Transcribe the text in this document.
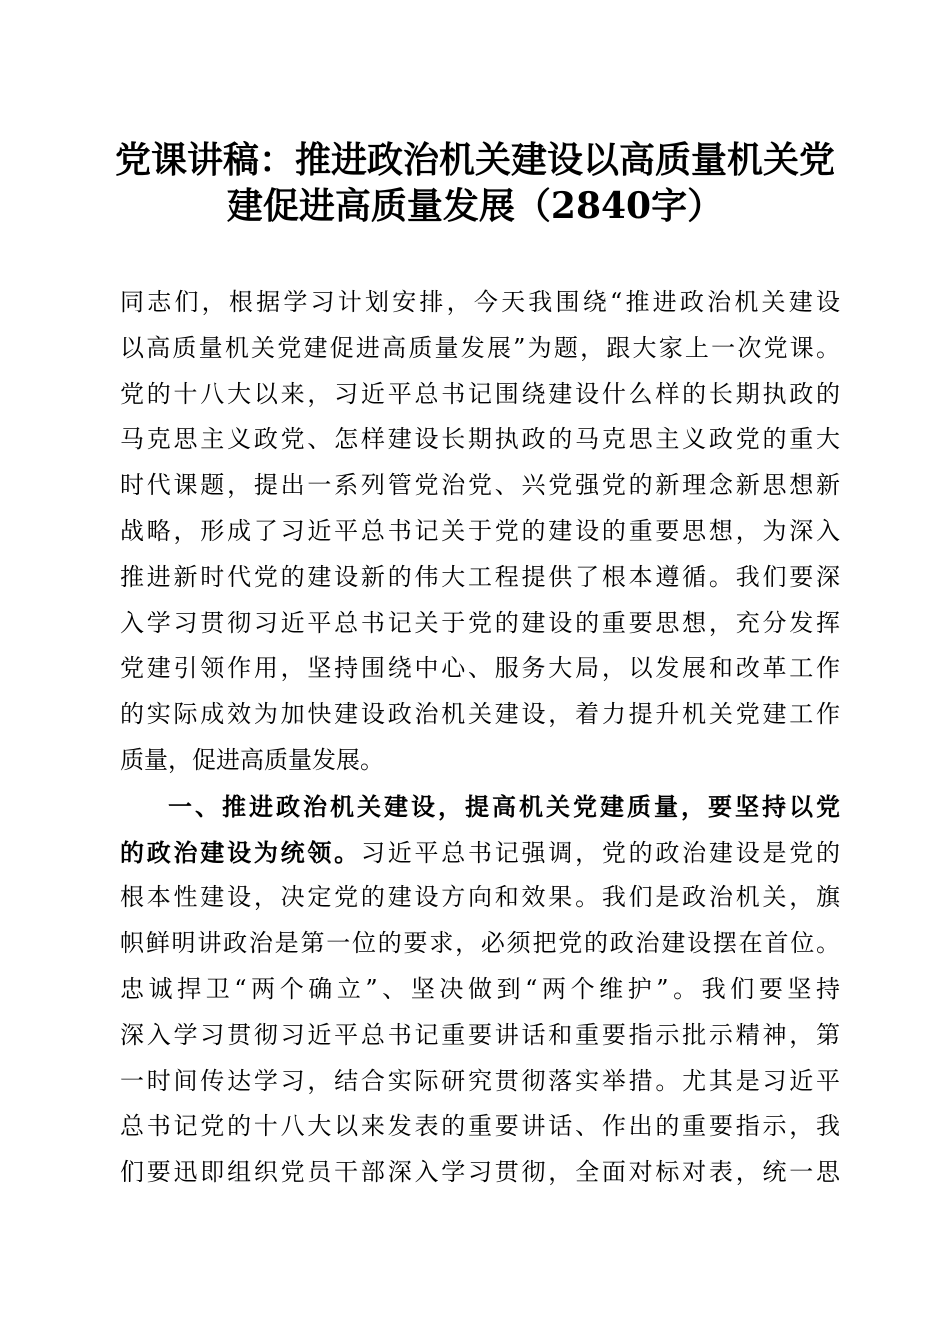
党课讲稿：推进政治机关建设以高质量机关党
建促进高质量发展（2840字）
同志们，根据学习计划安排，今天我围绕“推进政治机关建设
以高质量机关党建促进高质量发展”为题，跟大家上一次党课。
党的十八大以来，习近平总书记围绕建设什么样的长期执政的
马克思主义政党、怎样建设长期执政的马克思主义政党的重大
时代课题，提出一系列管党治党、兴党强党的新理念新思想新
战略，形成了习近平总书记关于党的建设的重要思想，为深入
推进新时代党的建设新的伟大工程提供了根本遵循。我们要深
入学习贯彻习近平总书记关于党的建设的重要思想，充分发挥
党建引领作用，坚持围绕中心、服务大局，以发展和改革工作
的实际成效为加快建设政治机关建设，着力提升机关党建工作
质量，促进高质量发展。
一、推进政治机关建设，提高机关党建质量，要坚持以党
的政治建设为统领。习近平总书记强调，党的政治建设是党的
根本性建设，决定党的建设方向和效果。我们是政治机关，旗
帜鲜明讲政治是第一位的要求，必须把党的政治建设摆在首位。
忠诚捍卫“两个确立”、坚决做到“两个维护”。我们要坚持
深入学习贯彻习近平总书记重要讲话和重要指示批示精神，第
一时间传达学习，结合实际研究贯彻落实举措。尤其是习近平
总书记党的十八大以来发表的重要讲话、作出的重要指示，我
们要迅即组织党员干部深入学习贯彻，全面对标对表，统一思
